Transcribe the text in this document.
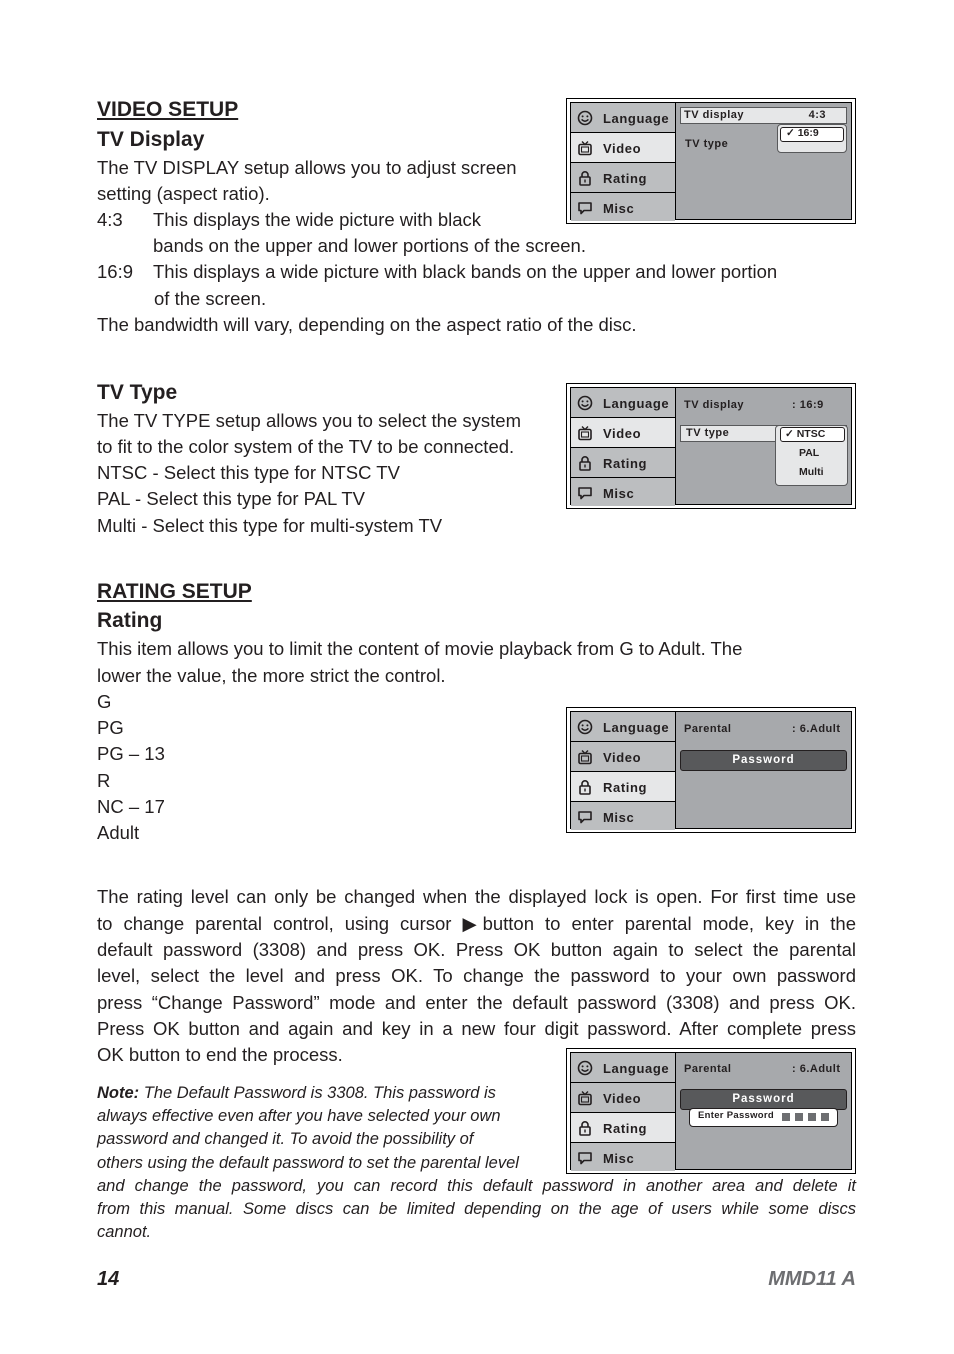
VIDEO SETUP
TV Display
The TV DISPLAY setup allows you to adjust screen
setting (aspect ratio).
4:3 This displays the wide picture with black
bands on the upper and lower portions of the screen.
16:9 This displays a wide picture with black bands on the upper and lower portion
of the screen.
The bandwidth will vary, depending on the aspect ratio of the disc.
TV Type
The TV TYPE setup allows you to select the system
to fit to the color system of the TV to be connected.
NTSC - Select this type for NTSC TV
PAL - Select this type for PAL TV
Multi - Select this type for multi-system TV
RATING SETUP
Rating
This item allows you to limit the content of movie playback from G to Adult. The
lower the value, the more strict the control.
G
PG
PG – 13
R
NC – 17
Adult
The rating level can only be changed when the displayed lock is open. For first time use
to change parental control, using cursor ▶button to enter parental mode, key in the
default password (3308) and press OK. Press OK button again to select the parental
level, select the level and press OK. To change the password to your own password
press “Change Password” mode and enter the default password (3308) and press OK.
Press OK button and again and key in a new four digit password. After complete press
OK button to end the process.
Note: The Default Password is 3308. This password is
always effective even after you have selected your own
password and changed it. To avoid the possibility of
others using the default password to set the parental level
and change the password, you can record this default password in another area and delete it
from this manual. Some discs can be limited depending on the age of users while some discs
cannot.
14	MMD11 A
Language
Video
Rating
Misc
TV display	4:3
TV type
✓ 16:9
Language
Video
Rating
Misc
TV display	: 16:9
TV type	✓ NTSC
PAL
Multi
Language
Video
Rating
Misc
Parental	: 6.Adult
Password
Language
Video
Rating
Misc
Parental	: 6.Adult
Password
Enter Password
